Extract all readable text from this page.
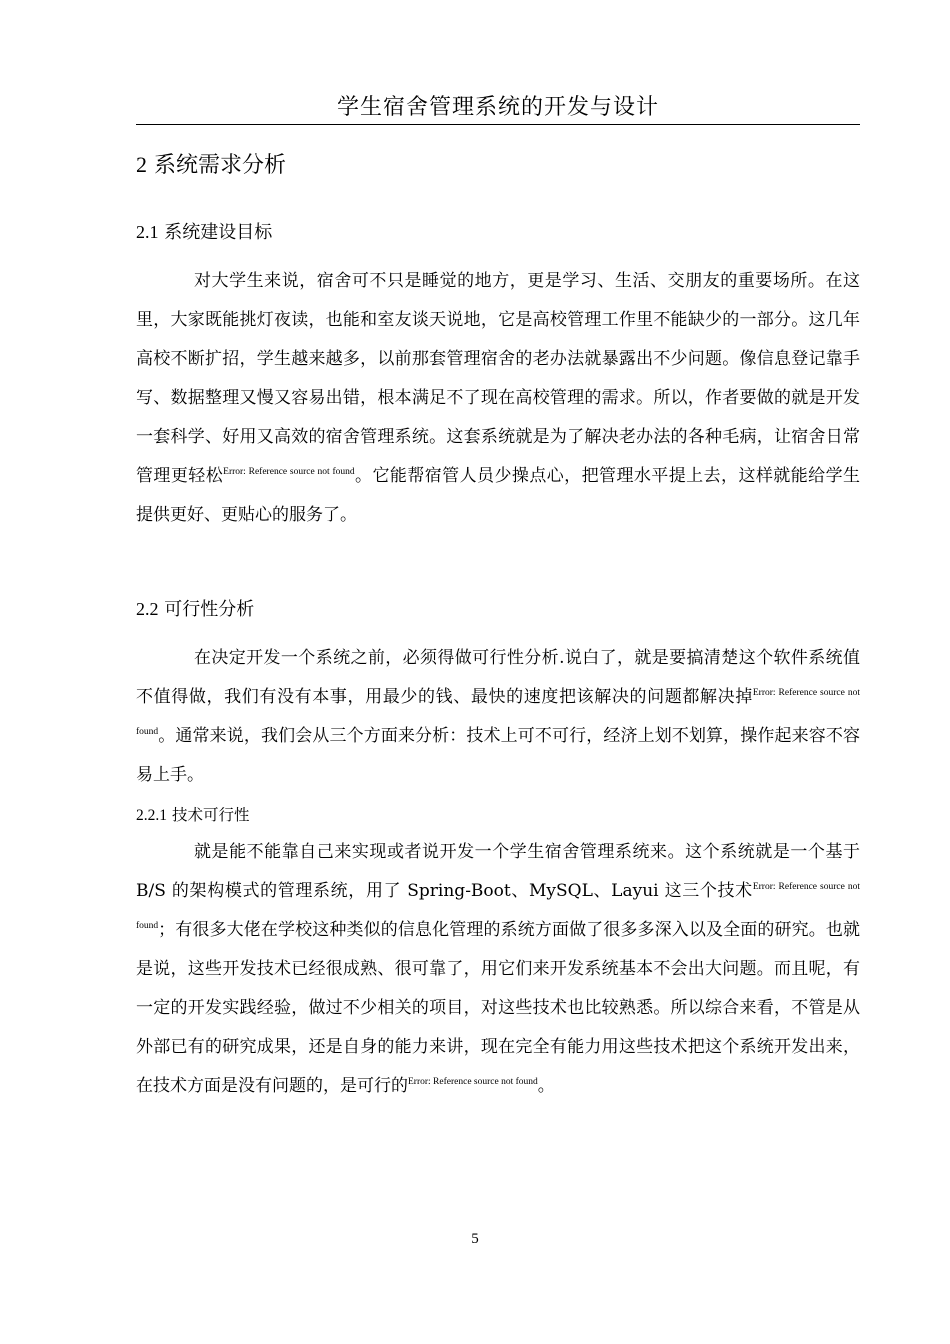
学生宿舍管理系统的开发与设计
2 系统需求分析
2.1 系统建设目标

对大学生来说，宿舍可不只是睡觉的地方，更是学习、生活、交朋友的重要场所。在这里，大家既能挑灯夜读，也能和室友谈天说地，它是高校管理工作里不能缺少的一部分。这几年高校不断扩招，学生越来越多，以前那套管理宿舍的老办法就暴露出不少问题。像信息登记靠手写、数据整理又慢又容易出错，根本满足不了现在高校管理的需求。所以，作者要做的就是开发一套科学、好用又高效的宿舍管理系统。这套系统就是为了解决老办法的各种毛病，让宿舍日常管理更轻松$^{Error: Reference source not found}$。它能帮宿管人员少操点心，把管理水平提上去，这样就能给学生提供更好、更贴心的服务了。

2.2 可行性分析

在决定开发一个系统之前，必须得做可行性分析.说白了，就是要搞清楚这个软件系统值不值得做，我们有没有本事，用最少的钱、最快的速度把该解决的问题都解决掉$^{Error: Reference source not found}$。通常来说，我们会从三个方面来分析：技术上可不可行，经济上划不划算，操作起来容不容易上手。

2.2.1 技术可行性

就是能不能靠自己来实现或者说开发一个学生宿舍管理系统来。这个系统就是一个基于 B/S 的架构模式的管理系统，用了 Spring-Boot、MySQL、Layui 这三个技术$^{Error: Reference source not found}$；有很多大佬在学校这种类似的信息化管理的系统方面做了很多多深入以及全面的研究。也就是说，这些开发技术已经很成熟、很可靠了，用它们来开发系统基本不会出大问题。而且呢，有一定的开发实践经验，做过不少相关的项目，对这些技术也比较熟悉。所以综合来看，不管是从外部已有的研究成果，还是自身的能力来讲，现在完全有能力用这些技术把这个系统开发出来，在技术方面是没有问题的，是可行的$^{Error: Reference source not found}$。

5
